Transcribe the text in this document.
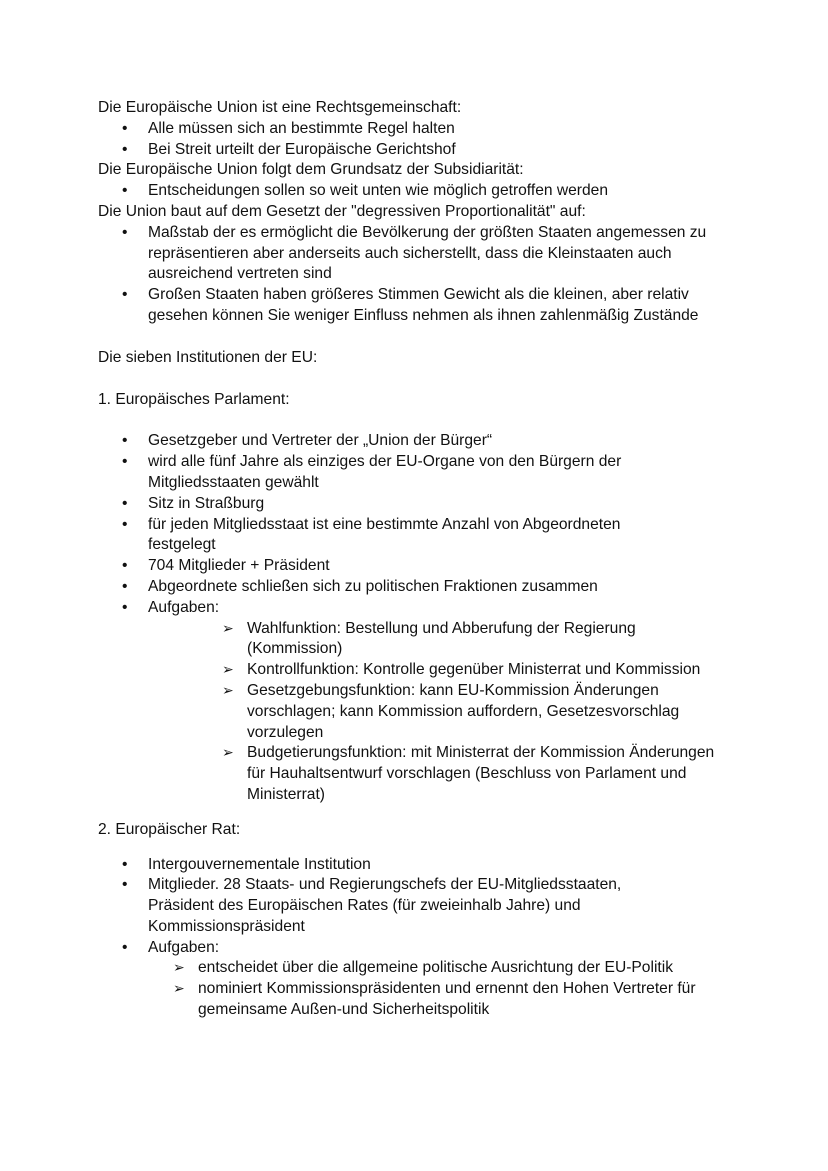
Die Europäische Union ist eine Rechtsgemeinschaft:

• Alle müssen sich an bestimmte Regel halten
• Bei Streit urteilt der Europäische Gerichtshof

Die Europäische Union folgt dem Grundsatz der Subsidiarität:

• Entscheidungen sollen so weit unten wie möglich getroffen werden

Die Union baut auf dem Gesetzt der "degressiven Proportionalität" auf:

• Maßstab der es ermöglicht die Bevölkerung der größten Staaten angemessen zu repräsentieren aber anderseits auch sicherstellt, dass die Kleinstaaten auch ausreichend vertreten sind
• Großen Staaten haben größeres Stimmen Gewicht als die kleinen, aber relativ gesehen können Sie weniger Einfluss nehmen als ihnen zahlenmäßig Zuständе

Die sieben Institutionen der EU:

1. Europäisches Parlament:

• Gesetzgeber und Vertreter der „Union der Bürger“
• wird alle fünf Jahre als einziges der EU-Organe von den Bürgern der Mitgliedsstaaten gewählt
• Sitz in Straßburg
• für jeden Mitgliedsstaat ist eine bestimmte Anzahl von Abgeordneten festgelegt
• 704 Mitglieder + Präsident
• Abgeordnete schließen sich zu politischen Fraktionen zusammen
• Aufgaben:
➢ Wahlfunktion: Bestellung und Abberufung der Regierung (Kommission)
➢ Kontrollfunktion: Kontrolle gegenüber Ministerrat und Kommission
➢ Gesetzgebungsfunktion: kann EU-Kommission Änderungen vorschlagen; kann Kommission auffordern, Gesetzesvorschlag vorzulegen
➢ Budgetierungsfunktion: mit Ministerrat der Kommission Änderungen für Hauhaltsentwurf vorschlagen (Beschluss von Parlament und Ministerrat)

2. Europäischer Rat:

• Intergouvernementale Institution
• Mitglieder. 28 Staats- und Regierungschefs der EU-Mitgliedsstaaten, Präsident des Europäischen Rates (für zweieinhalb Jahre) und Kommissionspräsident
• Aufgaben:
➢ entscheidet über die allgemeine politische Ausrichtung der EU-Politik
➢ nominiert Kommissionspräsidenten und ernennt den Hohen Vertreter für gemeinsame Außen-und Sicherheitspolitik
